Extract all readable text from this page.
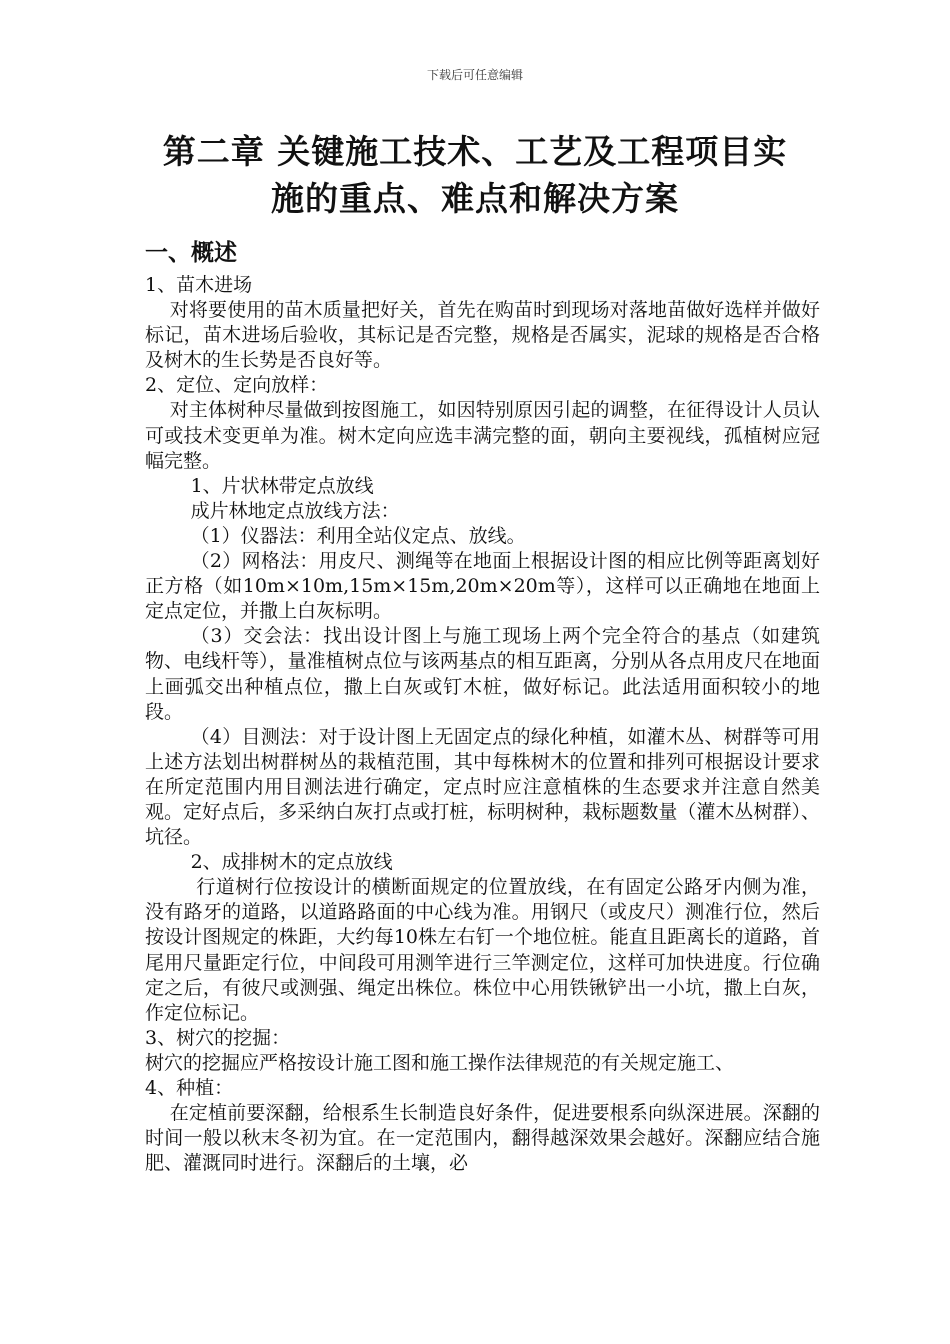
下载后可任意编辑
第二章 关键施工技术、工艺及工程项目实
施的重点、难点和解决方案
一、概述

1、苗木进场

对将要使用的苗木质量把好关，首先在购苗时到现场对落地苗做好选样并做好标记，苗木进场后验收，其标记是否完整，规格是否属实，泥球的规格是否合格及树木的生长势是否良好等。

2、定位、定向放样：

对主体树种尽量做到按图施工，如因特别原因引起的调整，在征得设计人员认可或技术变更单为准。树木定向应选丰满完整的面，朝向主要视线，孤植树应冠幅完整。

1、片状林带定点放线

成片林地定点放线方法：

（1）仪器法：利用全站仪定点、放线。

（2）网格法：用皮尺、测绳等在地面上根据设计图的相应比例等距离划好正方格（如10m×10m,15m×15m,20m×20m等），这样可以正确地在地面上定点定位，并撒上白灰标明。

（3）交会法：找出设计图上与施工现场上两个完全符合的基点（如建筑物、电线杆等），量准植树点位与该两基点的相互距离，分别从各点用皮尺在地面上画弧交出种植点位，撒上白灰或钉木桩，做好标记。此法适用面积较小的地段。

（4）目测法：对于设计图上无固定点的绿化种植，如灌木丛、树群等可用上述方法划出树群树丛的栽植范围，其中每株树木的位置和排列可根据设计要求在所定范围内用目测法进行确定，定点时应注意植株的生态要求并注意自然美观。定好点后，多采纳白灰打点或打桩，标明树种，栽标题数量（灌木丛树群）、坑径。

2、成排树木的定点放线

行道树行位按设计的横断面规定的位置放线，在有固定公路牙内侧为准，没有路牙的道路，以道路路面的中心线为准。用钢尺（或皮尺）测准行位，然后按设计图规定的株距，大约每10株左右钉一个地位桩。能直且距离长的道路，首尾用尺量距定行位，中间段可用测竿进行三竿测定位，这样可加快进度。行位确定之后，有彼尺或测强、绳定出株位。株位中心用铁锹铲出一小坑，撒上白灰，作定位标记。

3、树穴的挖掘：

树穴的挖掘应严格按设计施工图和施工操作法律规范的有关规定施工、

4、种植：

在定植前要深翻，给根系生长制造良好条件，促进要根系向纵深进展。深翻的时间一般以秋末冬初为宜。在一定范围内，翻得越深效果会越好。深翻应结合施肥、灌溉同时进行。深翻后的土壤，必
